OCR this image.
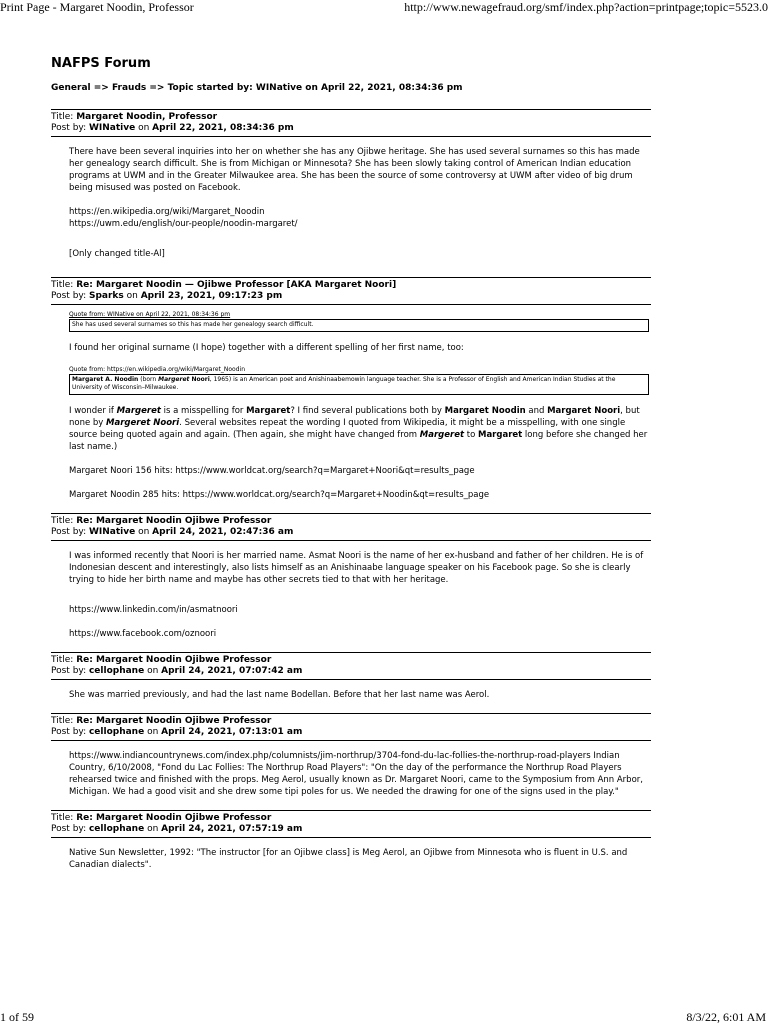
Print Page - Margaret Noodin, Professor	http://www.newagefraud.org/smf/index.php?action=printpage;topic=5523.0
NAFPS Forum
General => Frauds => Topic started by: WINative on April 22, 2021, 08:34:36 pm
Title: Margaret Noodin, Professor
Post by: WINative on April 22, 2021, 08:34:36 pm

There have been several inquiries into her on whether she has any Ojibwe heritage. She has used several surnames so this has made her genealogy search difficult. She is from Michigan or Minnesota? She has been slowly taking control of American Indian education programs at UWM and in the Greater Milwaukee area. She has been the source of some controversy at UWM after video of big drum being misused was posted on Facebook.

https://en.wikipedia.org/wiki/Margaret_Noodin

https://uwm.edu/english/our-people/noodin-margaret/

[Only changed title-Al]

Title: Re: Margaret Noodin — Ojibwe Professor [AKA Margaret Noori]
Post by: Sparks on April 23, 2021, 09:17:23 pm
Quote from: WINative on April 22, 2021, 08:34:36 pm
She has used several surnames so this has made her genealogy search difficult.

I found her original surname (I hope) together with a different spelling of her first name, too:

Quote from: https://en.wikipedia.org/wiki/Margaret_Noodin
Margaret A. Noodin (born Margeret Noori, 1965) is an American poet and Anishinaabemowin language teacher. She is a Professor of English and American Indian Studies at the University of Wisconsin–Milwaukee.

I wonder if Margeret is a misspelling for Margaret? I find several publications both by Margaret Noodin and Margaret Noori, but none by Margeret Noori. Several websites repeat the wording I quoted from Wikipedia, it might be a misspelling, with one single source being quoted again and again. (Then again, she might have changed from Margeret to Margaret long before she changed her last name.)

Margaret Noori 156 hits: https://www.worldcat.org/search?q=Margaret+Noori&qt=results_page

Margaret Noodin 285 hits: https://www.worldcat.org/search?q=Margaret+Noodin&qt=results_page

Title: Re: Margaret Noodin Ojibwe Professor
Post by: WINative on April 24, 2021, 02:47:36 am

I was informed recently that Noori is her married name. Asmat Noori is the name of her ex-husband and father of her children. He is of Indonesian descent and interestingly, also lists himself as an Anishinaabe language speaker on his Facebook page. So she is clearly trying to hide her birth name and maybe has other secrets tied to that with her heritage.

https://www.linkedin.com/in/asmatnoori

https://www.facebook.com/oznoori

Title: Re: Margaret Noodin Ojibwe Professor
Post by: cellophane on April 24, 2021, 07:07:42 am

She was married previously, and had the last name Bodellan. Before that her last name was Aerol.

Title: Re: Margaret Noodin Ojibwe Professor
Post by: cellophane on April 24, 2021, 07:13:01 am

https://www.indiancountrynews.com/index.php/columnists/jim-northrup/3704-fond-du-lac-follies-the-northrup-road-players Indian Country, 6/10/2008, "Fond du Lac Follies: The Northrup Road Players": "On the day of the performance the Northrup Road Players rehearsed twice and finished with the props. Meg Aerol, usually known as Dr. Margaret Noori, came to the Symposium from Ann Arbor, Michigan. We had a good visit and she drew some tipi poles for us. We needed the drawing for one of the signs used in the play."

Title: Re: Margaret Noodin Ojibwe Professor
Post by: cellophane on April 24, 2021, 07:57:19 am

Native Sun Newsletter, 1992: "The instructor [for an Ojibwe class] is Meg Aerol, an Ojibwe from Minnesota who is fluent in U.S. and Canadian dialects".

1 of 59	8/3/22, 6:01 AM
